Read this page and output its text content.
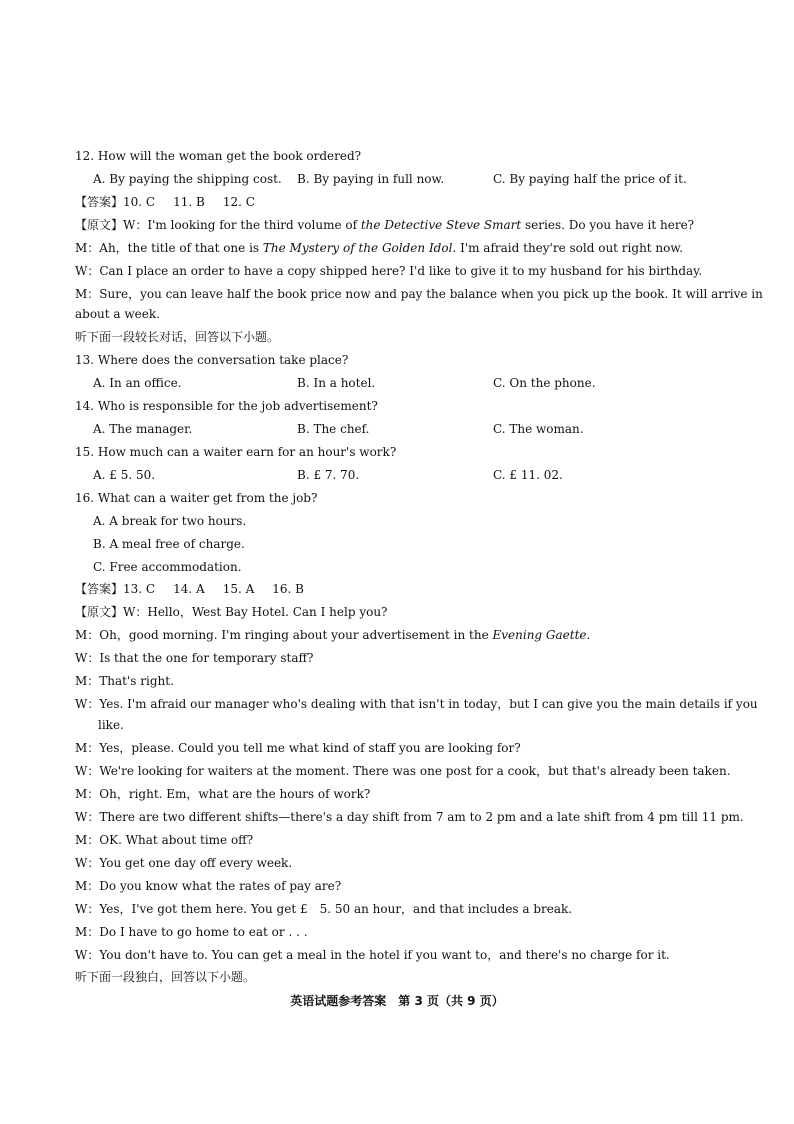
12. How will the woman get the book ordered?
A. By paying the shipping cost. B. By paying in full now.	C. By paying half the price of it.
【答案】10. C 11. B 12. C
【原文】W：I'm looking for the third volume of the Detective Steve Smart series. Do you have it here?
M：Ah，the title of that one is The Mystery of the Golden Idol. I'm afraid they're sold out right now.
W：Can I place an order to have a copy shipped here? I'd like to give it to my husband for his birthday.
M：Sure，you can leave half the book price now and pay the balance when you pick up the book. It will arrive in
about a week.
听下面一段较长对话，回答以下小题。
13. Where does the conversation take place?
A. In an office.	B. In a hotel.	C. On the phone.
14. Who is responsible for the job advertisement?
A. The manager.	B. The chef.	C. The woman.
15. How much can a waiter earn for an hour's work?
A. £ 5. 50.	B. £ 7. 70.	C. £ 11. 02.
16. What can a waiter get from the job?
A. A break for two hours.
B. A meal free of charge.
C. Free accommodation.
【答案】13. C 14. A 15. A 16. B
【原文】W：Hello，West Bay Hotel. Can I help you?
M：Oh，good morning. I'm ringing about your advertisement in the Evening Gaette.
W：Is that the one for temporary staff?
M：That's right.
W：Yes. I'm afraid our manager who's dealing with that isn't in today，but I can give you the main details if you
like.
M：Yes，please. Could you tell me what kind of staff you are looking for?
W：We're looking for waiters at the moment. There was one post for a cook，but that's already been taken.
M：Oh，right. Em，what are the hours of work?
W：There are two different shifts—there's a day shift from 7 am to 2 pm and a late shift from 4 pm till 11 pm.
M：OK. What about time off?
W：You get one day off every week.
M：Do you know what the rates of pay are?
W：Yes，I've got them here. You get £　5. 50 an hour，and that includes a break.
M：Do I have to go home to eat or . . .
W：You don't have to. You can get a meal in the hotel if you want to，and there's no charge for it.
听下面一段独白，回答以下小题。
英语试题参考答案　第 3 页（共 9 页）
